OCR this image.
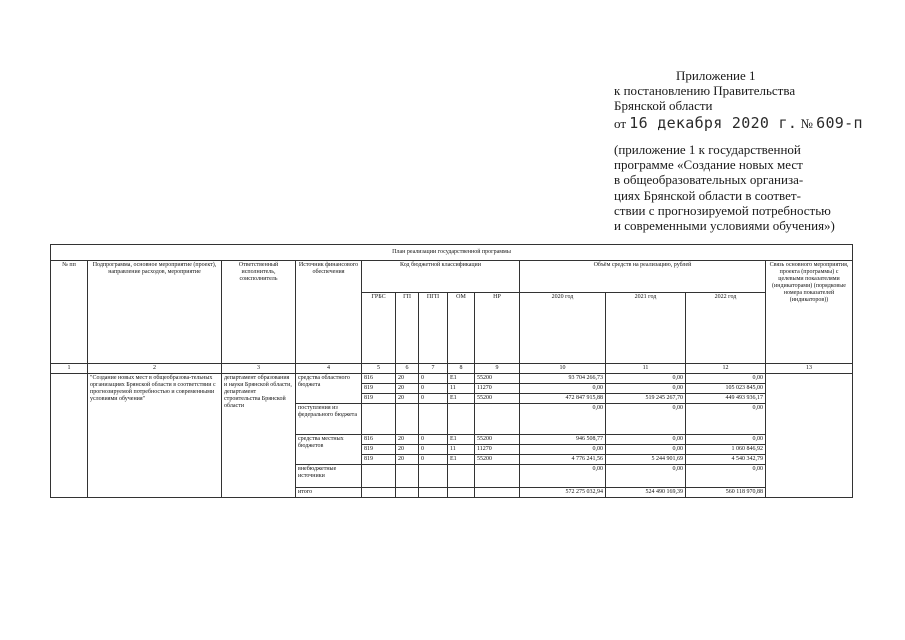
Приложение 1
к постановлению Правительства
Брянской области
от 16 декабря 2020 г. № 609-п
(приложение 1 к государственной
программе «Создание новых мест
в общеобразовательных организа-
циях Брянской области в соответ-
ствии с прогнозируемой потребностью
и современными условиями обучения»)
План реализации государственной программы												
№ пп	Подпрограмма, основное мероприятие (проект), направление расходов, мероприятие	Ответственный исполнитель, соисполнитель	Источник финансового обеспечения	Код бюджетной классификации					Объём средств на реализацию, рублей			Связь основного мероприятия, проекта (программы) с целевыми показателями (индикаторами) (порядковые номера показателей (индикаторов))
				ГРБС	ГП	ПГП	ОМ	НР	2020 год	2021 год	2022 год	
1	2	3	4	5	6	7	8	9	10	11	12	13
	"Создание новых мест в общеобразова-тельных организациях Брянской области в соответствии с прогнозируемой потребностью и современными условиями обучения"	департамент образования и науки Брянской области, департамент строительства Брянской области	средства областного бюджета	816	20	0	E1	55200	93 704 266,73	0,00	0,00	
				819	20	0	11	11270	0,00	0,00	105 023 845,00	
				819	20	0	E1	55200	472 847 915,88	519 245 267,70	449 493 936,17	
			поступления из федерального бюджета						0,00	0,00	0,00	
			средства местных бюджетов	816	20	0	E1	55200	946 508,77	0,00	0,00	
				819	20	0	11	11270	0,00	0,00	1 060 846,92	
				819	20	0	E1	55200	4 776 241,56	5 244 901,69	4 540 342,79	
			внебюджетные источники						0,00	0,00	0,00	
			итого						572 275 032,94	524 490 169,39	560 118 970,88	
